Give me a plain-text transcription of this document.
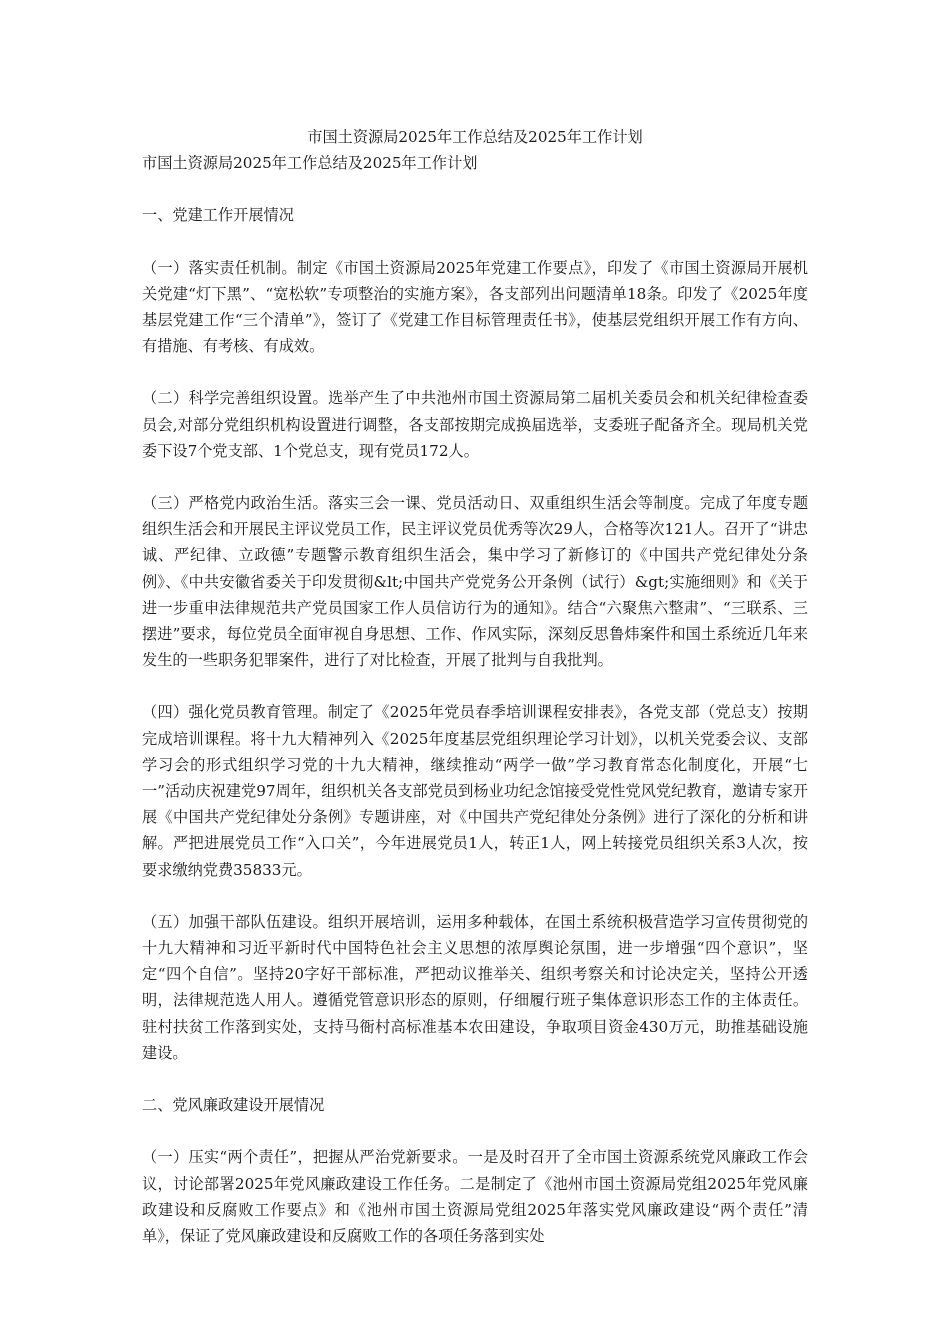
市国土资源局2025年工作总结及2025年工作计划
市国土资源局2025年工作总结及2025年工作计划
一、党建工作开展情况

（一）落实责任机制。制定《市国土资源局2025年党建工作要点》，印发了《市国土资源局开展机关党建“灯下黑”、“宽松软”专项整治的实施方案》，各支部列出问题清单18条。印发了《2025年度基层党建工作“三个清单”》，签订了《党建工作目标管理责任书》，使基层党组织开展工作有方向、有措施、有考核、有成效。

（二）科学完善组织设置。选举产生了中共池州市国土资源局第二届机关委员会和机关纪律检查委员会,对部分党组织机构设置进行调整，各支部按期完成换届选举，支委班子配备齐全。现局机关党委下设7个党支部、1个党总支，现有党员172人。

（三）严格党内政治生活。落实三会一课、党员活动日、双重组织生活会等制度。完成了年度专题组织生活会和开展民主评议党员工作，民主评议党员优秀等次29人，合格等次121人。召开了“讲忠诚、严纪律、立政德”专题警示教育组织生活会，集中学习了新修订的《中国共产党纪律处分条例》、《中共安徽省委关于印发贯彻&lt;中国共产党党务公开条例（试行）&gt;实施细则》和《关于进一步重申法律规范共产党员国家工作人员信访行为的通知》。结合“六聚焦六整肃”、“三联系、三摆进”要求，每位党员全面审视自身思想、工作、作风实际，深刻反思鲁炜案件和国土系统近几年来发生的一些职务犯罪案件，进行了对比检查，开展了批判与自我批判。

（四）强化党员教育管理。制定了《2025年党员春季培训课程安排表》，各党支部（党总支）按期完成培训课程。将十九大精神列入《2025年度基层党组织理论学习计划》，以机关党委会议、支部学习会的形式组织学习党的十九大精神，继续推动“两学一做”学习教育常态化制度化，开展“七一”活动庆祝建党97周年，组织机关各支部党员到杨业功纪念馆接受党性党风党纪教育，邀请专家开展《中国共产党纪律处分条例》专题讲座，对《中国共产党纪律处分条例》进行了深化的分析和讲解。严把进展党员工作“入口关”，今年进展党员1人，转正1人，网上转接党员组织关系3人次，按要求缴纳党费35833元。

（五）加强干部队伍建设。组织开展培训，运用多种载体，在国土系统积极营造学习宣传贯彻党的十九大精神和习近平新时代中国特色社会主义思想的浓厚舆论氛围，进一步增强“四个意识”，坚定“四个自信”。坚持20字好干部标准，严把动议推举关、组织考察关和讨论决定关，坚持公开透明，法律规范选人用人。遵循党管意识形态的原则，仔细履行班子集体意识形态工作的主体责任。驻村扶贫工作落到实处，支持马衙村高标准基本农田建设，争取项目资金430万元，助推基础设施建设。

二、党风廉政建设开展情况

（一）压实“两个责任”，把握从严治党新要求。一是及时召开了全市国土资源系统党风廉政工作会议，讨论部署2025年党风廉政建设工作任务。二是制定了《池州市国土资源局党组2025年党风廉政建设和反腐败工作要点》和《池州市国土资源局党组2025年落实党风廉政建设“两个责任”清单》，保证了党风廉政建设和反腐败工作的各项任务落到实处
